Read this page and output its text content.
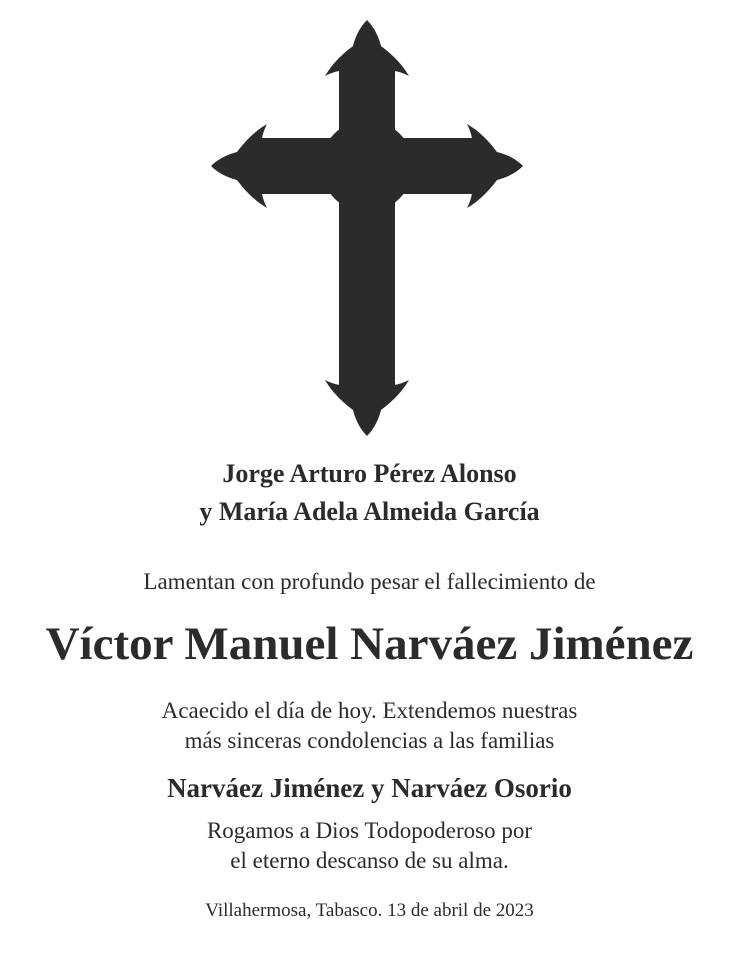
Jorge Arturo Pérez Alonso
y María Adela Almeida García
Lamentan con profundo pesar el fallecimiento de
Víctor Manuel Narváez Jiménez
Acaecido el día de hoy. Extendemos nuestras
más sinceras condolencias a las familias
Narváez Jiménez y Narváez Osorio
Rogamos a Dios Todopoderoso por
el eterno descanso de su alma.
Villahermosa, Tabasco. 13 de abril de 2023
